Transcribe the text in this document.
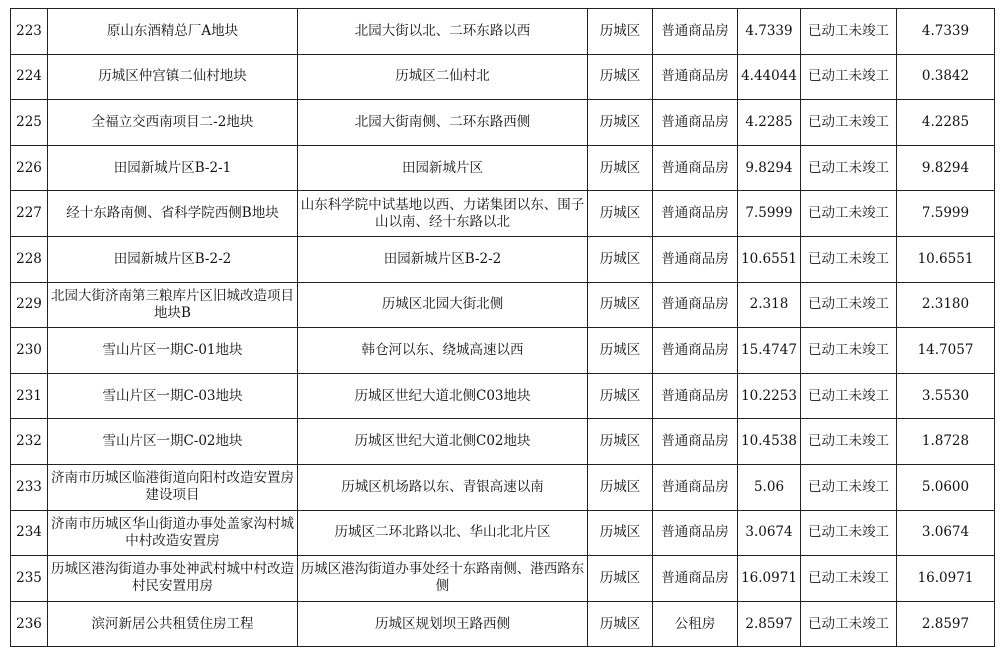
223	原山东酒精总厂A地块	北园大街以北、二环东路以西	历城区	普通商品房	4.7339	已动工未竣工	4.7339
224	历城区仲宫镇二仙村地块	历城区二仙村北	历城区	普通商品房	4.44044	已动工未竣工	0.3842
225	全福立交西南项目二-2地块	北园大街南侧、二环东路西侧	历城区	普通商品房	4.2285	已动工未竣工	4.2285
226	田园新城片区B-2-1	田园新城片区	历城区	普通商品房	9.8294	已动工未竣工	9.8294
227	经十东路南侧、省科学院西侧B地块	山东科学院中试基地以西、力诺集团以东、围子山以南、经十东路以北	历城区	普通商品房	7.5999	已动工未竣工	7.5999
228	田园新城片区B-2-2	田园新城片区B-2-2	历城区	普通商品房	10.6551	已动工未竣工	10.6551
229	北园大街济南第三粮库片区旧城改造项目地块B	历城区北园大街北侧	历城区	普通商品房	2.318	已动工未竣工	2.3180
230	雪山片区一期C-01地块	韩仓河以东、绕城高速以西	历城区	普通商品房	15.4747	已动工未竣工	14.7057
231	雪山片区一期C-03地块	历城区世纪大道北侧C03地块	历城区	普通商品房	10.2253	已动工未竣工	3.5530
232	雪山片区一期C-02地块	历城区世纪大道北侧C02地块	历城区	普通商品房	10.4538	已动工未竣工	1.8728
233	济南市历城区临港街道向阳村改造安置房建设项目	历城区机场路以东、青银高速以南	历城区	普通商品房	5.06	已动工未竣工	5.0600
234	济南市历城区华山街道办事处盖家沟村城中村改造安置房	历城区二环北路以北、华山北北片区	历城区	普通商品房	3.0674	已动工未竣工	3.0674
235	历城区港沟街道办事处神武村城中村改造村民安置用房	历城区港沟街道办事处经十东路南侧、港西路东侧	历城区	普通商品房	16.0971	已动工未竣工	16.0971
236	滨河新居公共租赁住房工程	历城区规划坝王路西侧	历城区	公租房	2.8597	已动工未竣工	2.8597
